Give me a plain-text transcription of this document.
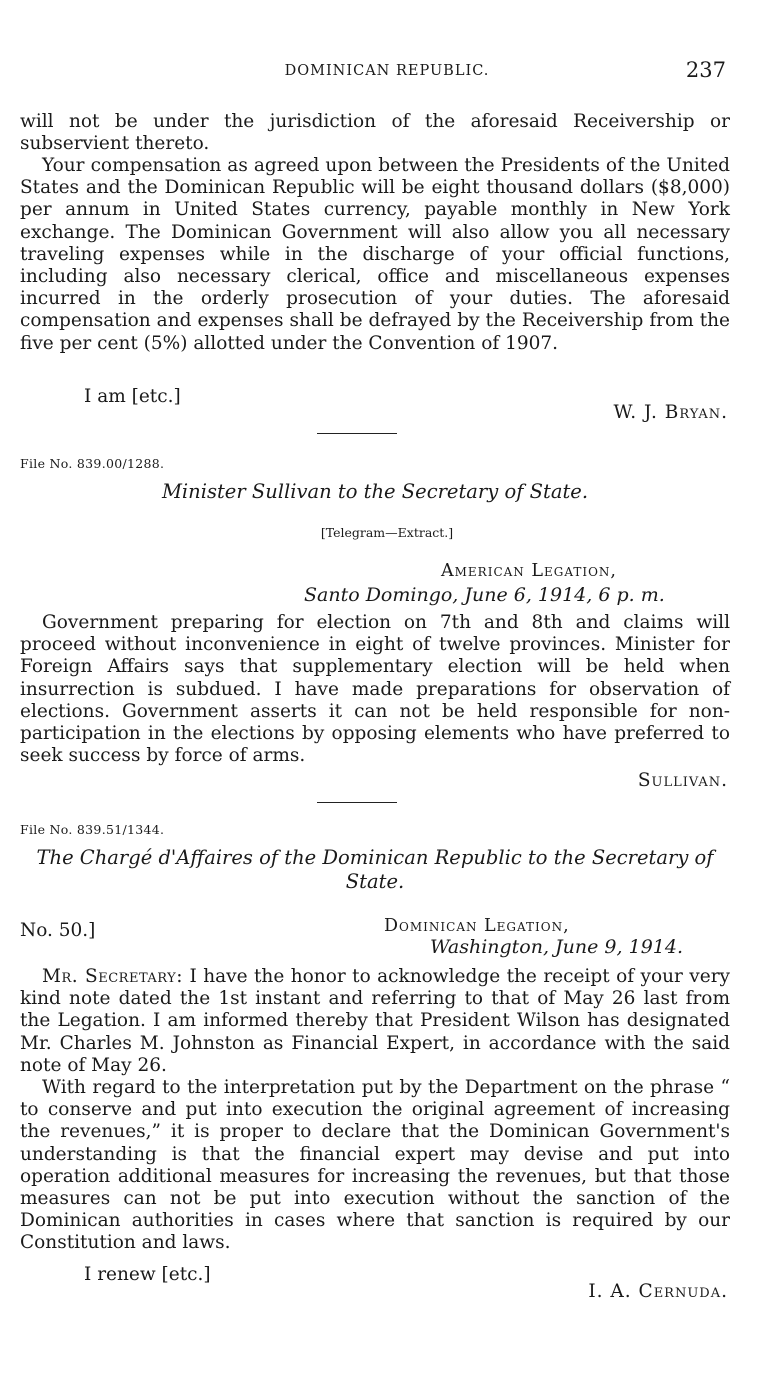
DOMINICAN REPUBLIC.	237

will not be under the jurisdiction of the aforesaid Receivership or subservient thereto.

Your compensation as agreed upon between the Presidents of the United States and the Dominican Republic will be eight thousand dollars ($8,000) per annum in United States currency, payable monthly in New York exchange. The Dominican Government will also allow you all necessary traveling expenses while in the discharge of your official functions, including also necessary clerical, office and miscellaneous expenses incurred in the orderly prosecution of your duties. The aforesaid compensation and expenses shall be defrayed by the Receivership from the five per cent (5%) allotted under the Convention of 1907.

I am [etc.]

W. J. Bryan.

File No. 839.00/1288.

Minister Sullivan to the Secretary of State.

[Telegram—Extract.]

American Legation,

Santo Domingo, June 6, 1914, 6 p. m.

Government preparing for election on 7th and 8th and claims will proceed without inconvenience in eight of twelve provinces. Minister for Foreign Affairs says that supplementary election will be held when insurrection is subdued. I have made preparations for observation of elections. Government asserts it can not be held responsible for non-participation in the elections by opposing elements who have preferred to seek success by force of arms.

Sullivan.

File No. 839.51/1344.

The Chargé d'Affaires of the Dominican Republic to the Secretary of State.

No. 50.]	Dominican Legation,

Washington, June 9, 1914.

Mr. Secretary: I have the honor to acknowledge the receipt of your very kind note dated the 1st instant and referring to that of May 26 last from the Legation. I am informed thereby that President Wilson has designated Mr. Charles M. Johnston as Financial Expert, in accordance with the said note of May 26.

With regard to the interpretation put by the Department on the phrase “ to conserve and put into execution the original agreement of increasing the revenues,” it is proper to declare that the Dominican Government's understanding is that the financial expert may devise and put into operation additional measures for increasing the revenues, but that those measures can not be put into execution without the sanction of the Dominican authorities in cases where that sanction is required by our Constitution and laws.

I renew [etc.]

I. A. Cernuda.
